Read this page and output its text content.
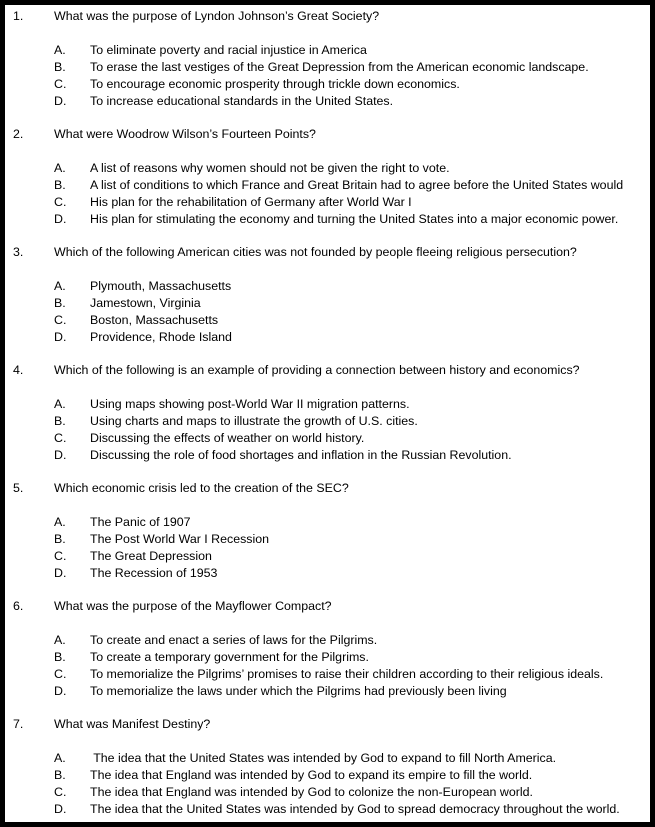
1.	What was the purpose of Lyndon Johnson’s Great Society?
A.	To eliminate poverty and racial injustice in America
B.	To erase the last vestiges of the Great Depression from the American economic landscape.
C.	To encourage economic prosperity through trickle down economics.
D.	To increase educational standards in the United States.
2.	What were Woodrow Wilson’s Fourteen Points?
A.	A list of reasons why women should not be given the right to vote.
B.	A list of conditions to which France and Great Britain had to agree before the United States would
C.	His plan for the rehabilitation of Germany after World War I
D.	His plan for stimulating the economy and turning the United States into a major economic power.
3.	Which of the following American cities was not founded by people fleeing religious persecution?
A.	Plymouth, Massachusetts
B.	Jamestown, Virginia
C.	Boston, Massachusetts
D.	Providence, Rhode Island
4.	Which of the following is an example of providing a connection between history and economics?
A.	Using maps showing post-World War II migration patterns.
B.	Using charts and maps to illustrate the growth of U.S. cities.
C.	Discussing the effects of weather on world history.
D.	Discussing the role of food shortages and inflation in the Russian Revolution.
5.	Which economic crisis led to the creation of the SEC?
A.	The Panic of 1907
B.	The Post World War I Recession
C.	The Great Depression
D.	The Recession of 1953
6.	What was the purpose of the Mayflower Compact?
A.	To create and enact a series of laws for the Pilgrims.
B.	To create a temporary government for the Pilgrims.
C.	To memorialize the Pilgrims’ promises to raise their children according to their religious ideals.
D.	To memorialize the laws under which the Pilgrims had previously been living
7.	What was Manifest Destiny?
A.	The idea that the United States was intended by God to expand to fill North America.
B.	The idea that England was intended by God to expand its empire to fill the world.
C.	The idea that England was intended by God to colonize the non-European world.
D.	The idea that the United States was intended by God to spread democracy throughout the world.
